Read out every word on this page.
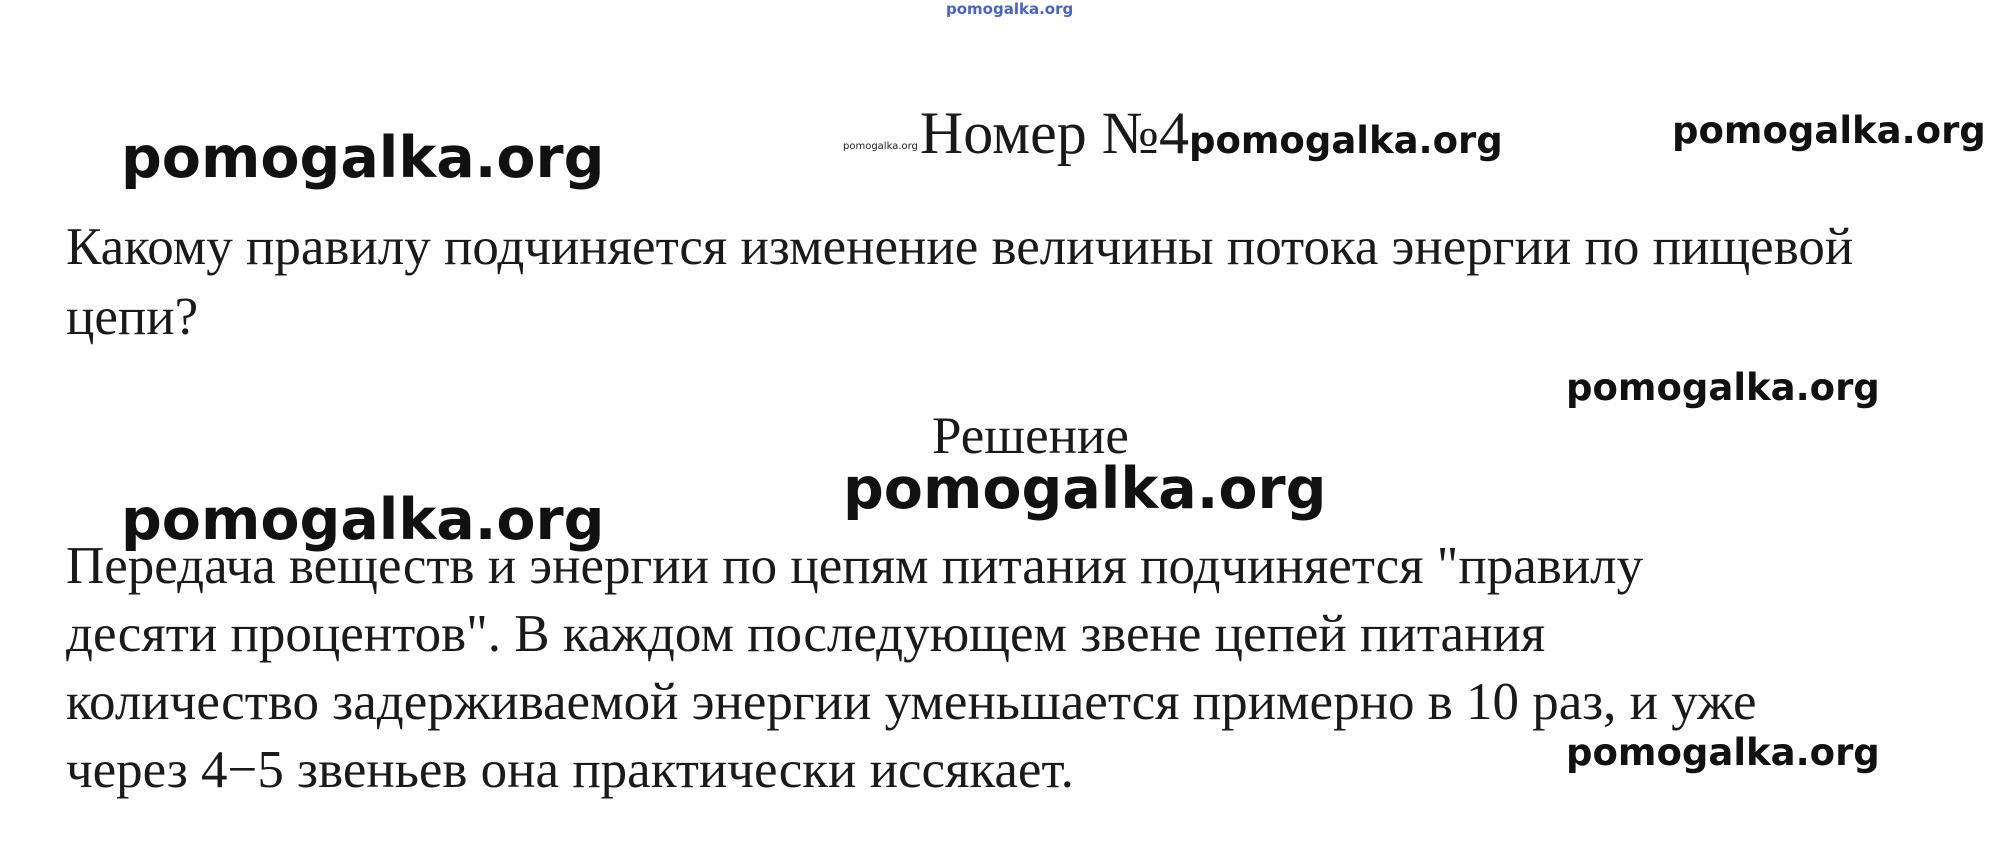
pomogalka.org
pomogalka.org	$^{pomogalka.org}$Номер №4pomogalka.org	pomogalka.org

Какому правилу подчиняется изменение величины потока энергии по пищевой цепи?

pomogalka.org
Решение

Передача веществ и энергии по цепям питания подчиняется "правилу
десяти процентов". В каждом последующем звене цепей питания
количество задерживаемой энергии уменьшается примерно в 10 раз, и уже
через 4−5 звеньев она практически иссякает.

pomogalka.org
pomogalka.org
pomogalka.org
